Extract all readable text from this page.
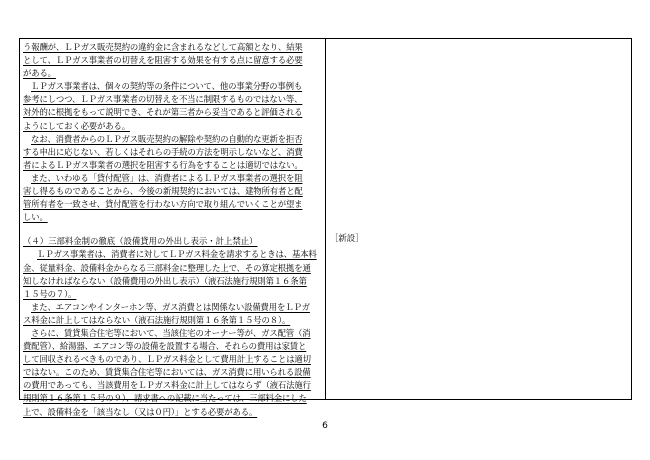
う報酬が、ＬＰガス販売契約の違約金に含まれるなどして高額となり、結果
として、ＬＰガス事業者の切替えを阻害する効果を有する点に留意する必要
がある。
ＬＰガス事業者は、個々の契約等の条件について、他の事業分野の事例も
参考にしつつ、ＬＰガス事業者の切替えを不当に制限するものではない等、
対外的に根拠をもって説明でき、それが第三者から妥当であると評価される
ようにしておく必要がある。
なお、消費者からのＬＰガス販売契約の解除や契約の自動的な更新を拒否
する申出に応じない、若しくはそれらの手続の方法を明示しないなど、消費
者によるＬＰガス事業者の選択を阻害する行為をすることは適切ではない。
また、いわゆる「貸付配管」は、消費者によるＬＰガス事業者の選択を阻
害し得るものであることから、今後の新規契約においては、建物所有者と配
管所有者を一致させ、貸付配管を行わない方向で取り組んでいくことが望ま
しい。
（４）三部料金制の徹底（設備貸用の外出し表示・計上禁止）
ＬＰガス事業者は、消費者に対してＬＰガス料金を請求するときは、基本料
金、従量料金、設備料金からなる三部料金に整理した上で、その算定根拠を通
知しなければならない（設備費用の外出し表示）（液石法施行規則第１６条第
１５号の７）。
また、エアコンやインターホン等、ガス消費とは関係ない設備費用をＬＰガ
ス料金に計上してはならない（液石法施行規則第１６条第１５号の８）。
さらに、賃貸集合住宅等において、当該住宅のオーナー等が、ガス配管（消
費配管）、給湯器、エアコン等の設備を設置する場合、それらの費用は家賃と
して回収されるべきものであり、ＬＰガス料金として費用計上することは適切
ではない。このため、賃貸集合住宅等においては、ガス消費に用いられる設備
の費用であっても、当該費用をＬＰガス料金に計上してはならず（液石法施行
規則第１６条第１５号の９）、請求書への記載に当たっては、三部料金にした
上で、設備料金を「該当なし（又は０円）」とする必要がある。
［新設］
6
